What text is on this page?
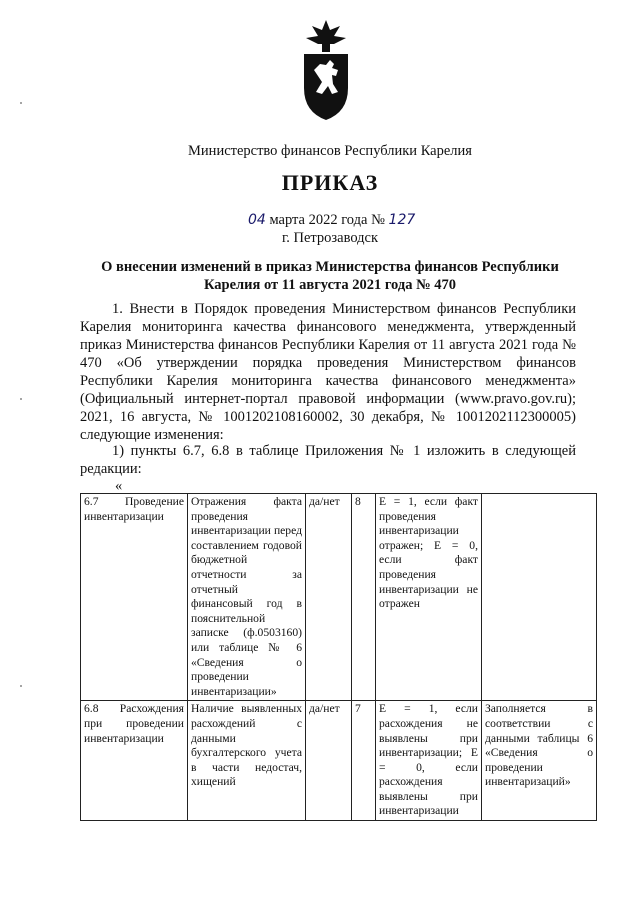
Министерство финансов Республики Карелия
ПРИКАЗ
04 марта 2022 года № 127
г. Петрозаводск
О внесении изменений в приказ Министерства финансов Республики Карелия от 11 августа 2021 года № 470
1. Внести в Порядок проведения Министерством финансов Республики Карелия мониторинга качества финансового менеджмента, утвержденный приказ Министерства финансов Республики Карелия от 11 августа 2021 года № 470 «Об утверждении порядка проведения Министерством финансов Республики Карелия мониторинга качества финансового менеджмента» (Официальный интернет-портал правовой информации (www.pravo.gov.ru); 2021, 16 августа, № 1001202108160002, 30 декабря, № 1001202112300005) следующие изменения:
1) пункты 6.7, 6.8 в таблице Приложения № 1 изложить в следующей редакции:
«
6.7 Проведение инвентаризации	Отражения факта проведения инвентаризации перед составлением годовой бюджетной отчетности за отчетный финансовый год в пояснительной записке (ф.0503160) или таблице № 6 «Сведения о проведении инвентаризации»	да/нет	8	E = 1, если факт проведения инвентаризации отражен; E = 0, если факт проведения инвентаризации не отражен	
6.8 Расхождения при проведении инвентаризации	Наличие выявленных расхождений с данными бухгалтерского учета в части недостач, хищений	да/нет	7	E = 1, если расхождения не выявлены при инвентаризации; E = 0, если расхождения выявлены при инвентаризации	Заполняется в соответствии с данными таблицы 6 «Сведения о проведении инвентаризаций»
